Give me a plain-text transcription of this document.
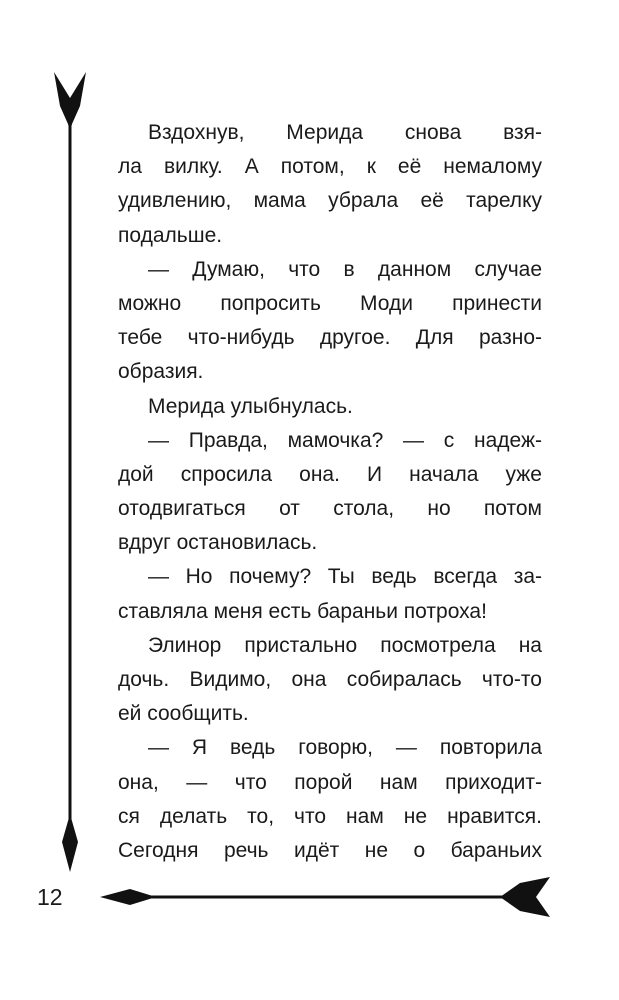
Вздохнув, Мерида снова взя-
ла вилку. А потом, к её немалому
удивлению, мама убрала её тарелку
подальше.
— Думаю, что в данном случае
можно попросить Моди принести
тебе что-нибудь другое. Для разно-
образия.
Мерида улыбнулась.
— Правда, мамочка? — с надеж-
дой спросила она. И начала уже
отодвигаться от стола, но потом
вдруг остановилась.
— Но почему? Ты ведь всегда за-
ставляла меня есть бараньи потроха!
Элинор пристально посмотрела на
дочь. Видимо, она собиралась что-то
ей сообщить.
— Я ведь говорю, — повторила
она, — что порой нам приходит-
ся делать то, что нам не нравится.
Сегодня речь идёт не о бараньих
12
